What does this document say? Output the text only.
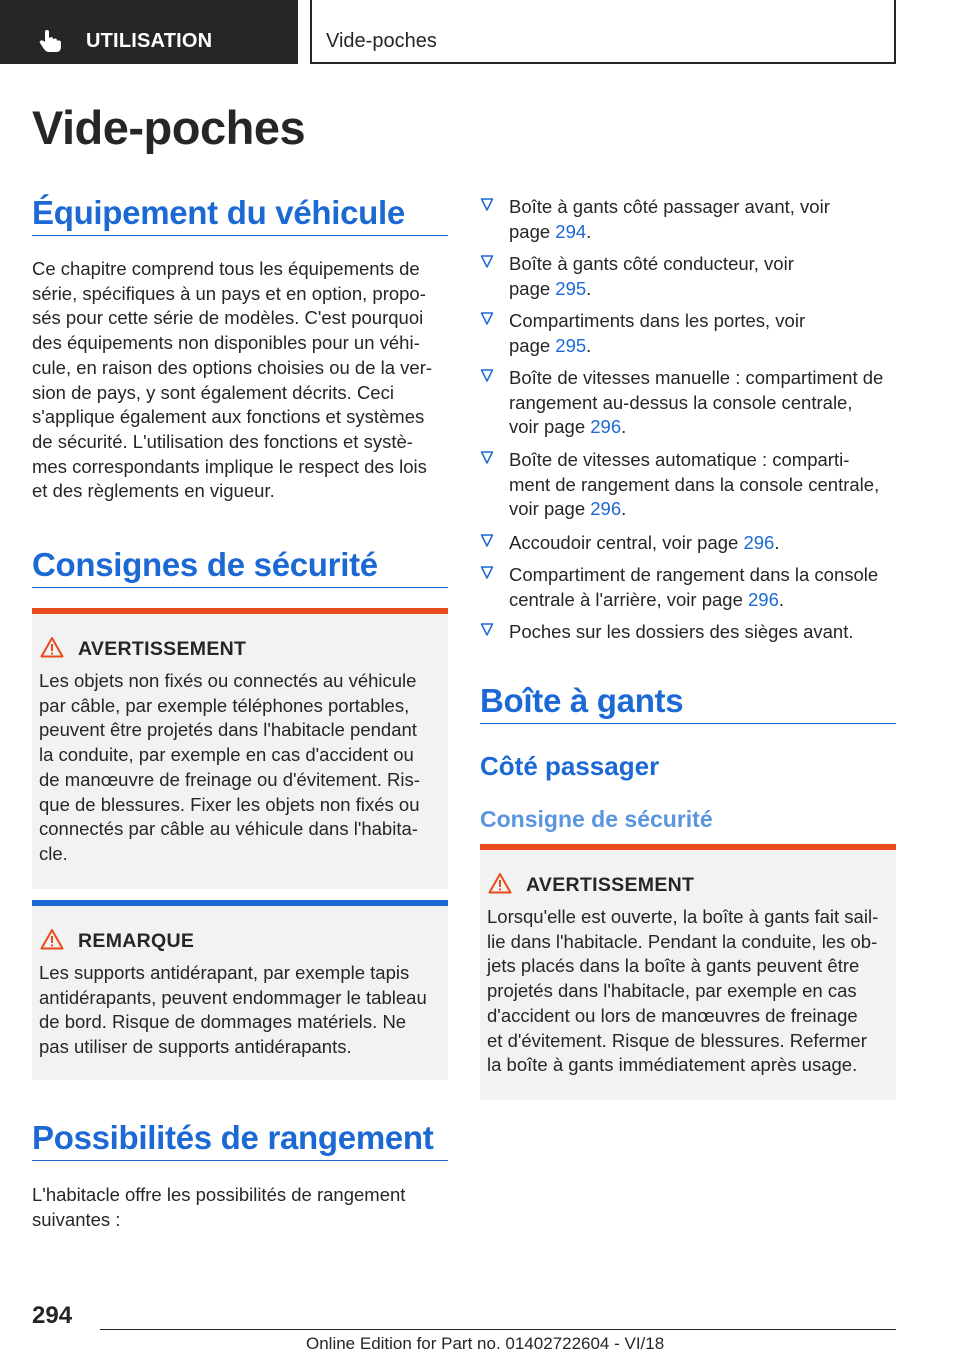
UTILISATION	Vide-poches
Vide-poches
Équipement du véhicule
Ce chapitre comprend tous les équipements de
série, spécifiques à un pays et en option, propo-
sés pour cette série de modèles. C'est pourquoi
des équipements non disponibles pour un véhi-
cule, en raison des options choisies ou de la ver-
sion de pays, y sont également décrits. Ceci
s'applique également aux fonctions et systèmes
de sécurité. L'utilisation des fonctions et systè-
mes correspondants implique le respect des lois
et des règlements en vigueur.
Consignes de sécurité
AVERTISSEMENT
Les objets non fixés ou connectés au véhicule
par câble, par exemple téléphones portables,
peuvent être projetés dans l'habitacle pendant
la conduite, par exemple en cas d'accident ou
de manœuvre de freinage ou d'évitement. Ris-
que de blessures. Fixer les objets non fixés ou
connectés par câble au véhicule dans l'habita-
cle.
REMARQUE
Les supports antidérapant, par exemple tapis
antidérapants, peuvent endommager le tableau
de bord. Risque de dommages matériels. Ne
pas utiliser de supports antidérapants.
Possibilités de rangement
L'habitacle offre les possibilités de rangement
suivantes :
Boîte à gants côté passager avant, voir
page 294.
Boîte à gants côté conducteur, voir
page 295.
Compartiments dans les portes, voir
page 295.
Boîte de vitesses manuelle : compartiment de
rangement au-dessus la console centrale,
voir page 296.
Boîte de vitesses automatique : comparti-
ment de rangement dans la console centrale,
voir page 296.
Accoudoir central, voir page 296.
Compartiment de rangement dans la console
centrale à l'arrière, voir page 296.
Poches sur les dossiers des sièges avant.
Boîte à gants
Côté passager
Consigne de sécurité
AVERTISSEMENT
Lorsqu'elle est ouverte, la boîte à gants fait sail-
lie dans l'habitacle. Pendant la conduite, les ob-
jets placés dans la boîte à gants peuvent être
projetés dans l'habitacle, par exemple en cas
d'accident ou lors de manœuvres de freinage
et d'évitement. Risque de blessures. Refermer
la boîte à gants immédiatement après usage.
294
Online Edition for Part no. 01402722604 - VI/18
